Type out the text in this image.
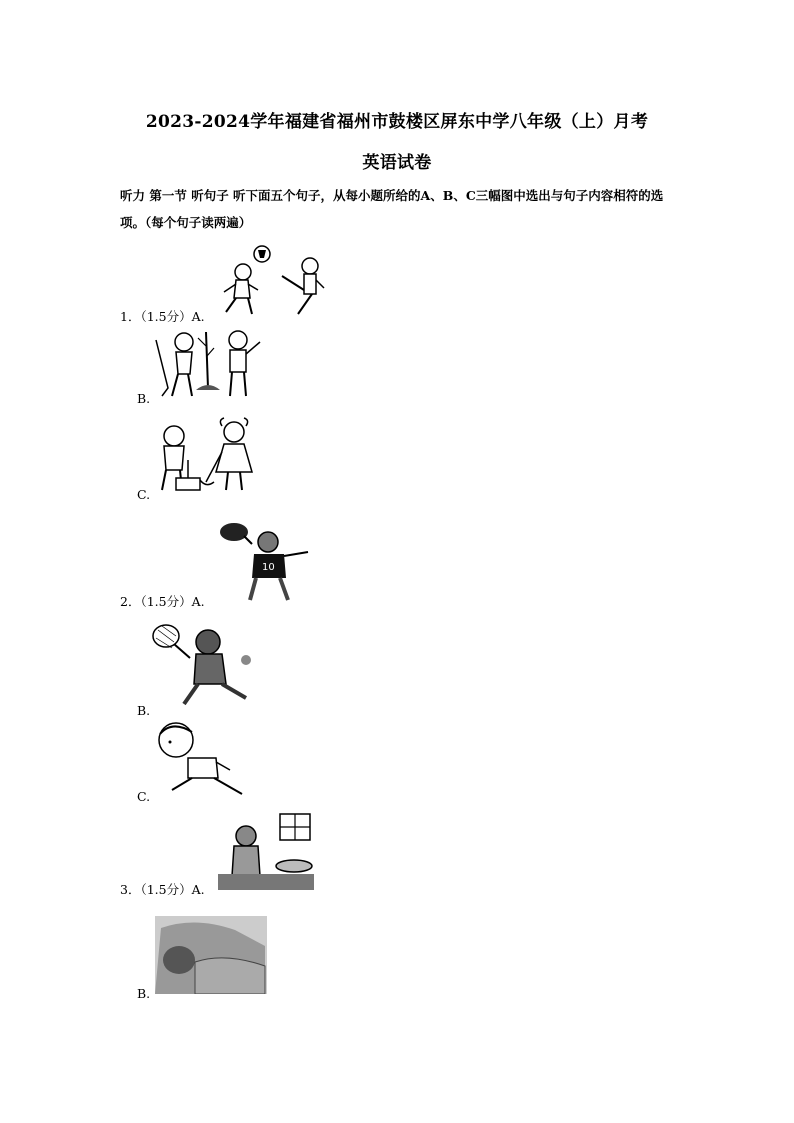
2023-2024学年福建省福州市鼓楼区屏东中学八年级（上）月考
英语试卷
听力 第一节 听句子 听下面五个句子，从每小题所给的A、B、C三幅图中选出与句子内容相符的选项。（每个句子读两遍）
1．（1.5分）A.
B.
C.
2．（1.5分）A.
10
B.
C.
3．（1.5分）A.
B.
